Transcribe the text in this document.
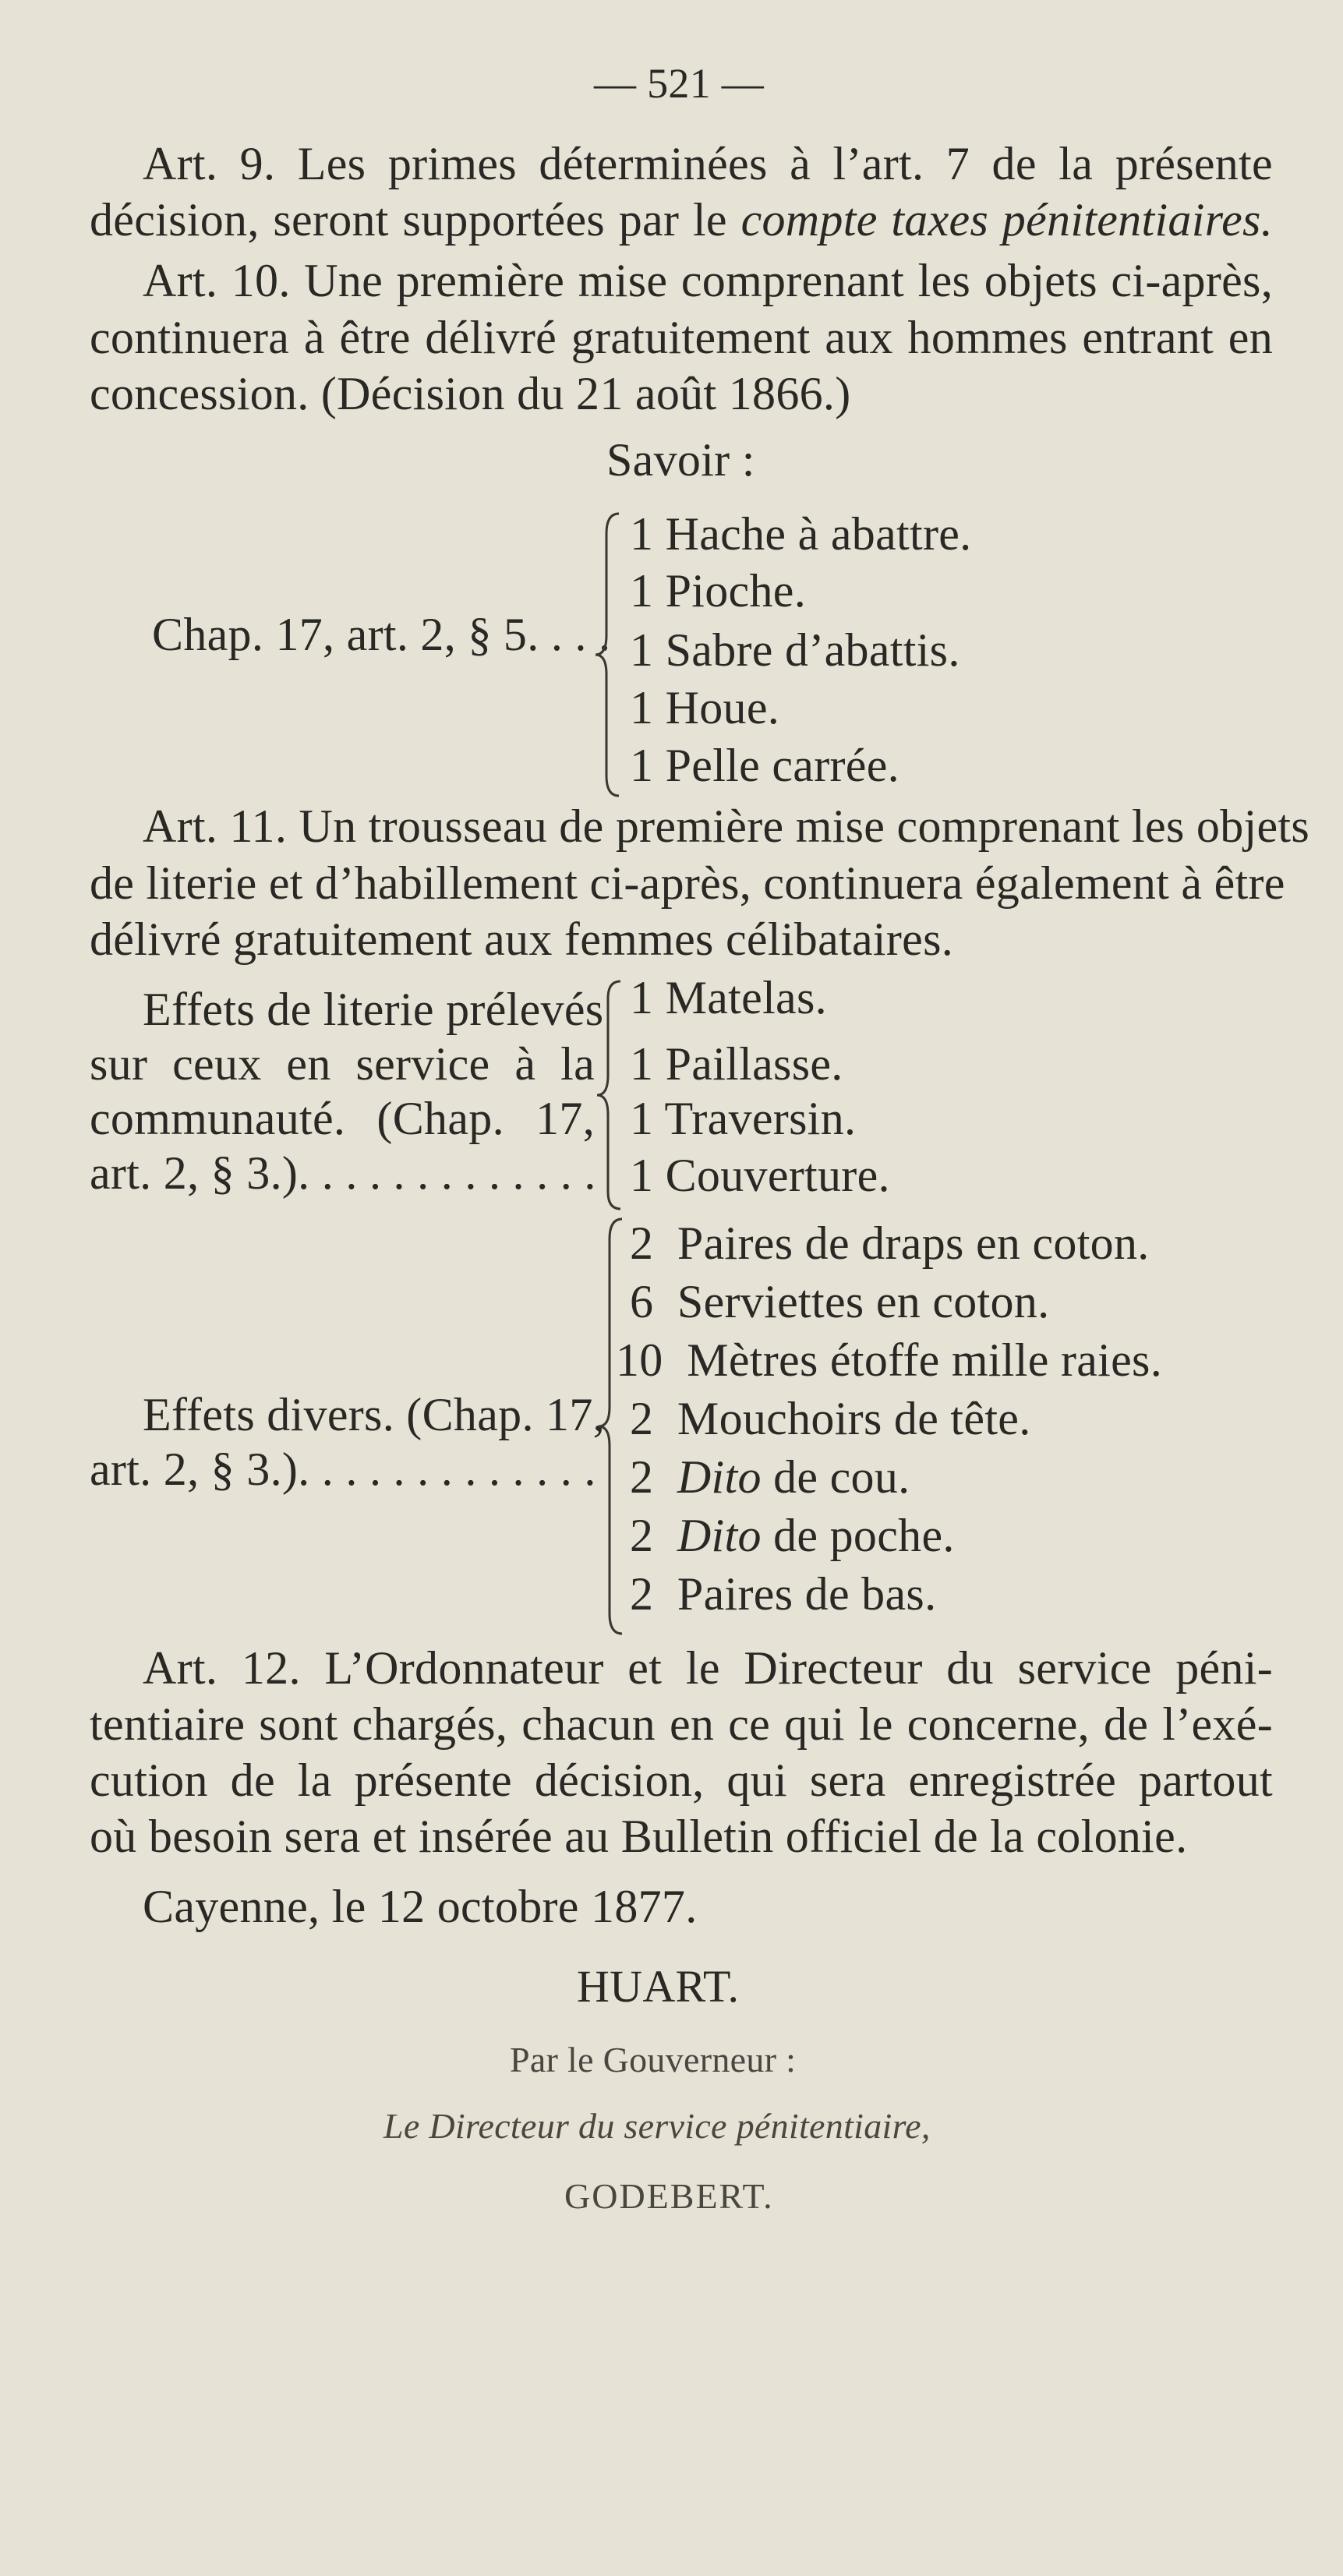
— 521 —
Art. 9. Les primes déterminées à l’art. 7 de la présente
décision, seront supportées par le compte taxes pénitentiaires.
Art. 10. Une première mise comprenant les objets ci-après,
continuera à être délivré gratuitement aux hommes entrant en
concession. (Décision du 21 août 1866.)
Savoir :
Chap. 17, art. 2, § 5. . . .
1 Hache à abattre.
1 Pioche.
1 Sabre d’abattis.
1 Houe.
1 Pelle carrée.
Art. 11. Un trousseau de première mise comprenant les objets
de literie et d’habillement ci-après, continuera également à être
délivré gratuitement aux femmes célibataires.
Effets de literie prélevés
sur ceux en service à la
communauté. (Chap. 17,
art. 2, § 3.). . . . . . . . . . . . .
1 Matelas.
1 Paillasse.
1 Traversin.
1 Couverture.
Effets divers. (Chap. 17,
art. 2, § 3.). . . . . . . . . . . . .
2 Paires de draps en coton.
6 Serviettes en coton.
10 Mètres étoffe mille raies.
2 Mouchoirs de tête.
2 Dito de cou.
2 Dito de poche.
2 Paires de bas.
Art. 12. L’Ordonnateur et le Directeur du service péni-
tentiaire sont chargés, chacun en ce qui le concerne, de l’exé-
cution de la présente décision, qui sera enregistrée partout
où besoin sera et insérée au Bulletin officiel de la colonie.
Cayenne, le 12 octobre 1877.
HUART.
Par le Gouverneur :
Le Directeur du service pénitentiaire,
GODEBERT.
